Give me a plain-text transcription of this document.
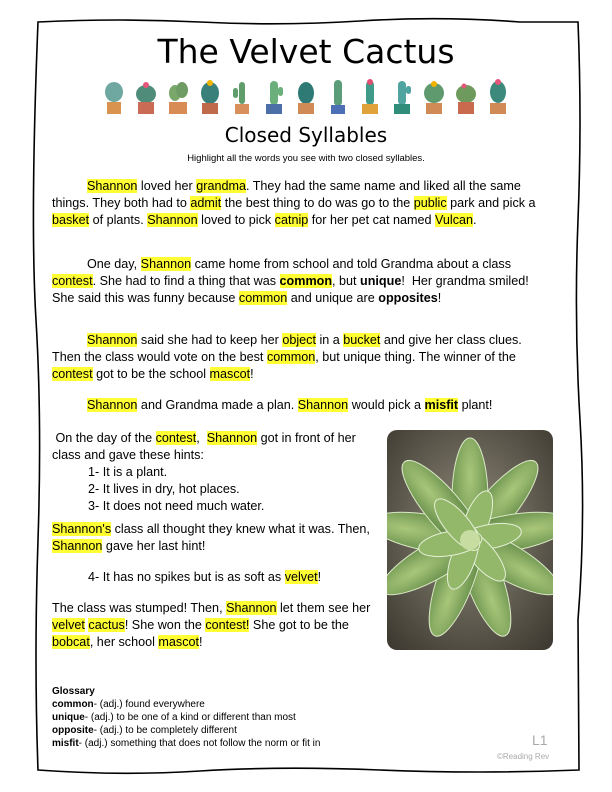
The Velvet Cactus
Closed Syllables
Highlight all the words you see with two closed syllables.
Shannon loved her grandma. They had the same name and liked all the same things. They both had to admit the best thing to do was go to the public park and pick a basket of plants. Shannon loved to pick catnip for her pet cat named Vulcan.
One day, Shannon came home from school and told Grandma about a class contest. She had to find a thing that was common, but unique!  Her grandma smiled!  She said this was funny because common and unique are opposites!
Shannon said she had to keep her object in a bucket and give her class clues. Then the class would vote on the best common, but unique thing. The winner of the contest got to be the school mascot!
Shannon and Grandma made a plan. Shannon would pick a misfit plant!
On the day of the contest,  Shannon got in front of her class and gave these hints:
1- It is a plant.
2- It lives in dry, hot places.
3- It does not need much water.
Shannon's class all thought they knew what it was. Then, Shannon gave her last hint!
4- It has no spikes but is as soft as velvet!
The class was stumped! Then, Shannon let them see her velvet cactus! She won the contest! She got to be the bobcat, her school mascot!
Glossary
common- (adj.) found everywhere
unique- (adj.) to be one of a kind or different than most
opposite- (adj.) to be completely different
misfit- (adj.) something that does not follow the norm or fit in	L1
©Reading Rev
